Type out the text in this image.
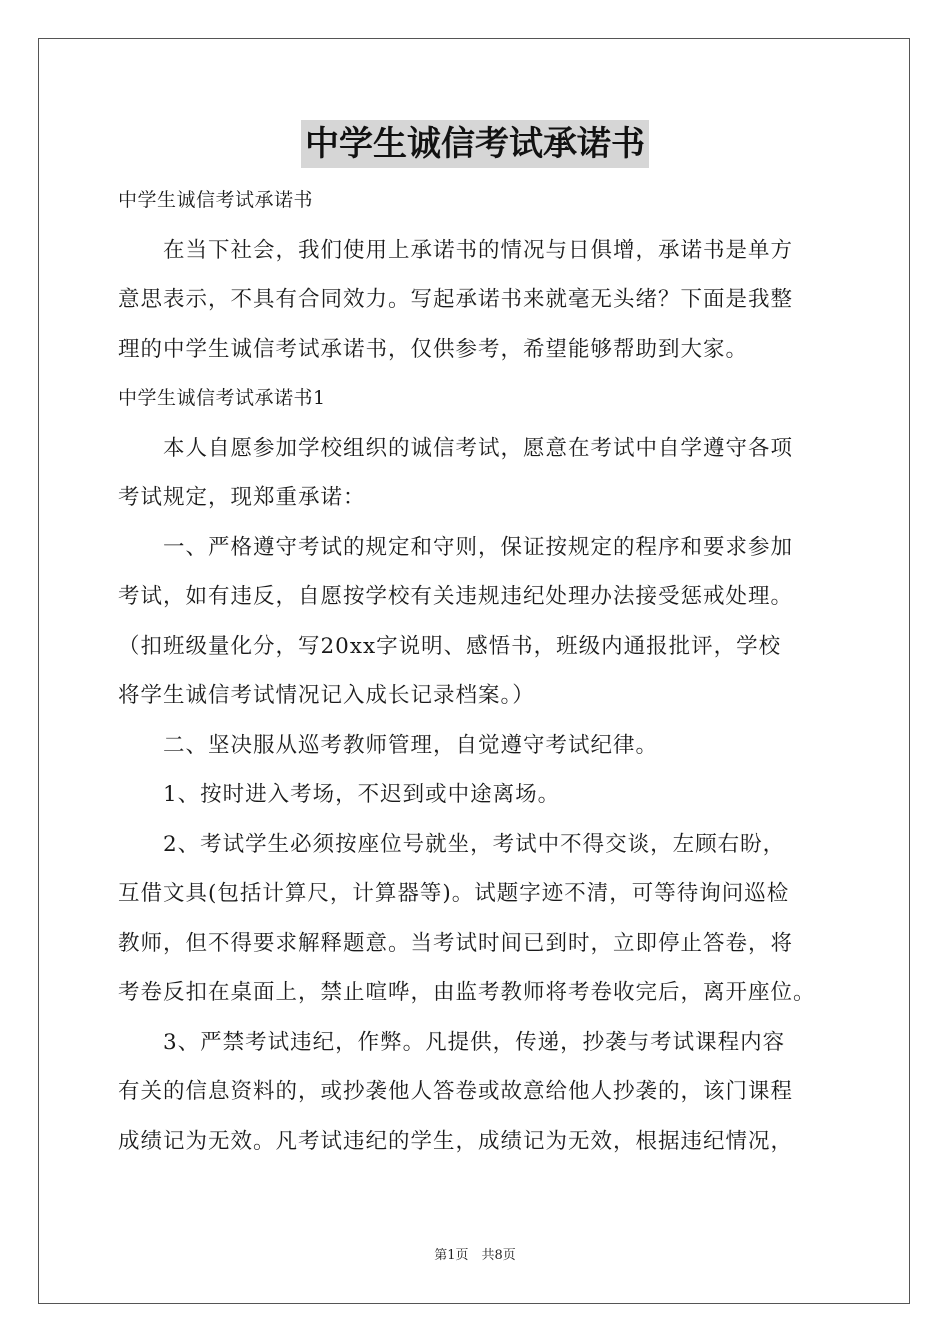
中学生诚信考试承诺书
中学生诚信考试承诺书
在当下社会，我们使用上承诺书的情况与日俱增，承诺书是单方
意思表示，不具有合同效力。写起承诺书来就毫无头绪？下面是我整
理的中学生诚信考试承诺书，仅供参考，希望能够帮助到大家。
中学生诚信考试承诺书1
本人自愿参加学校组织的诚信考试，愿意在考试中自学遵守各项
考试规定，现郑重承诺：
一、严格遵守考试的规定和守则，保证按规定的程序和要求参加
考试，如有违反，自愿按学校有关违规违纪处理办法接受惩戒处理。
（扣班级量化分，写20xx字说明、感悟书，班级内通报批评，学校
将学生诚信考试情况记入成长记录档案。）
二、坚决服从巡考教师管理，自觉遵守考试纪律。
1、按时进入考场，不迟到或中途离场。
2、考试学生必须按座位号就坐，考试中不得交谈，左顾右盼，
互借文具(包括计算尺，计算器等)。试题字迹不清，可等待询问巡检
教师，但不得要求解释题意。当考试时间已到时，立即停止答卷，将
考卷反扣在桌面上，禁止喧哗，由监考教师将考卷收完后，离开座位。
3、严禁考试违纪，作弊。凡提供，传递，抄袭与考试课程内容
有关的信息资料的，或抄袭他人答卷或故意给他人抄袭的，该门课程
成绩记为无效。凡考试违纪的学生，成绩记为无效，根据违纪情况，
第1页　共8页
